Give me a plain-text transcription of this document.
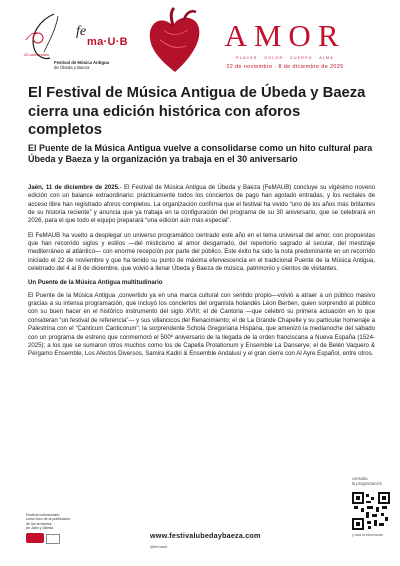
25 aniversario
fe
ma·U·B
Festival de Música Antigua
de Úbeda y Baeza
AMOR
PLACER · DOLOR · CUERPO · ALMA
22 de noviembre · 8 de diciembre de 2025
El Festival de Música Antigua de Úbeda y Baeza cierra una edición histórica con aforos completos
El Puente de la Música Antigua vuelve a consolidarse como un hito cultural para Úbeda y Baeza y la organización ya trabaja en el 30 aniversario

Jaén, 11 de diciembre de 2025.- El Festival de Música Antigua de Úbeda y Baeza (FeMAUB) concluye su vigésimo noveno edición con un balance extraordinario: prácticamente todos los conciertos de pago han agotado entradas, y los recitales de acceso libre han registrado aforos completos. La organización confirma que el festival ha vivido “uno de los años más brillantes de su historia reciente” y anuncia que ya trabaja en la configuración del programa de su 30 aniversario, que se celebrará en 2026, para el que todo el equipo preparará “una edición aún más especial”.

El FeMAUB ha vuelto a desplegar un universo programático centrado este año en el tema universal del amor, con propuestas que han recorrido siglos y estilos —del misticismo al amor desgarrado, del repertorio sagrado al secular, del mestizaje mediterráneo al atlántico— con enorme recepción por parte del público. Este éxito ha sido la nota predominante en un recorrido iniciado el 22 de noviembre y que ha tenido su punto de máxima efervescencia en el tradicional Puente de la Música Antigua, celebrado del 4 al 8 de diciembre, que volvió a llenar Úbeda y Baeza de música, patrimonio y cientos de visitantes.

Un Puente de la Música Antigua multitudinario

El Puente de la Música Antigua ,convertido ya en una marca cultural con sentido propio—volvió a atraer a un público masivo gracias a su intensa programación, que incluyó los conciertos del organista holandés Léon Berben, quien sorprendió al público con su buen hacer en el histórico instrumento del siglo XVIII; el de Cantoria —que celebró su primera actuación en lo que consideran “un festival de referencia”— y sus villancicos del Renacimiento; el de La Grande Chapelle y su particular homenaje a Palestrina con el “Canticum Canticorum”; la sorprendente Schola Gregoriana Hispana, que amenizó la medianoche del sábado con un programa de estreno que conmemoró el 500º aniversario de la llegada de la orden franciscana a Nueva España (1524-2025); a los que se sumaron otros muchos como los de Capella Prolationum y Ensemble La Danserye; el de Belén Vaquero & Pérgamo Ensemble, Los Afectos Diversos, Samira Kadiri & Ensemble Andalusí y el gran cierre con Al Ayre Español, entre otros.

Festival cofinanciado
como foco de la publicación
de los territorios
de Jaén y Úbeda
www.festivalubedaybaeza.com
@femaub
consulta
la programación
y toda la información
